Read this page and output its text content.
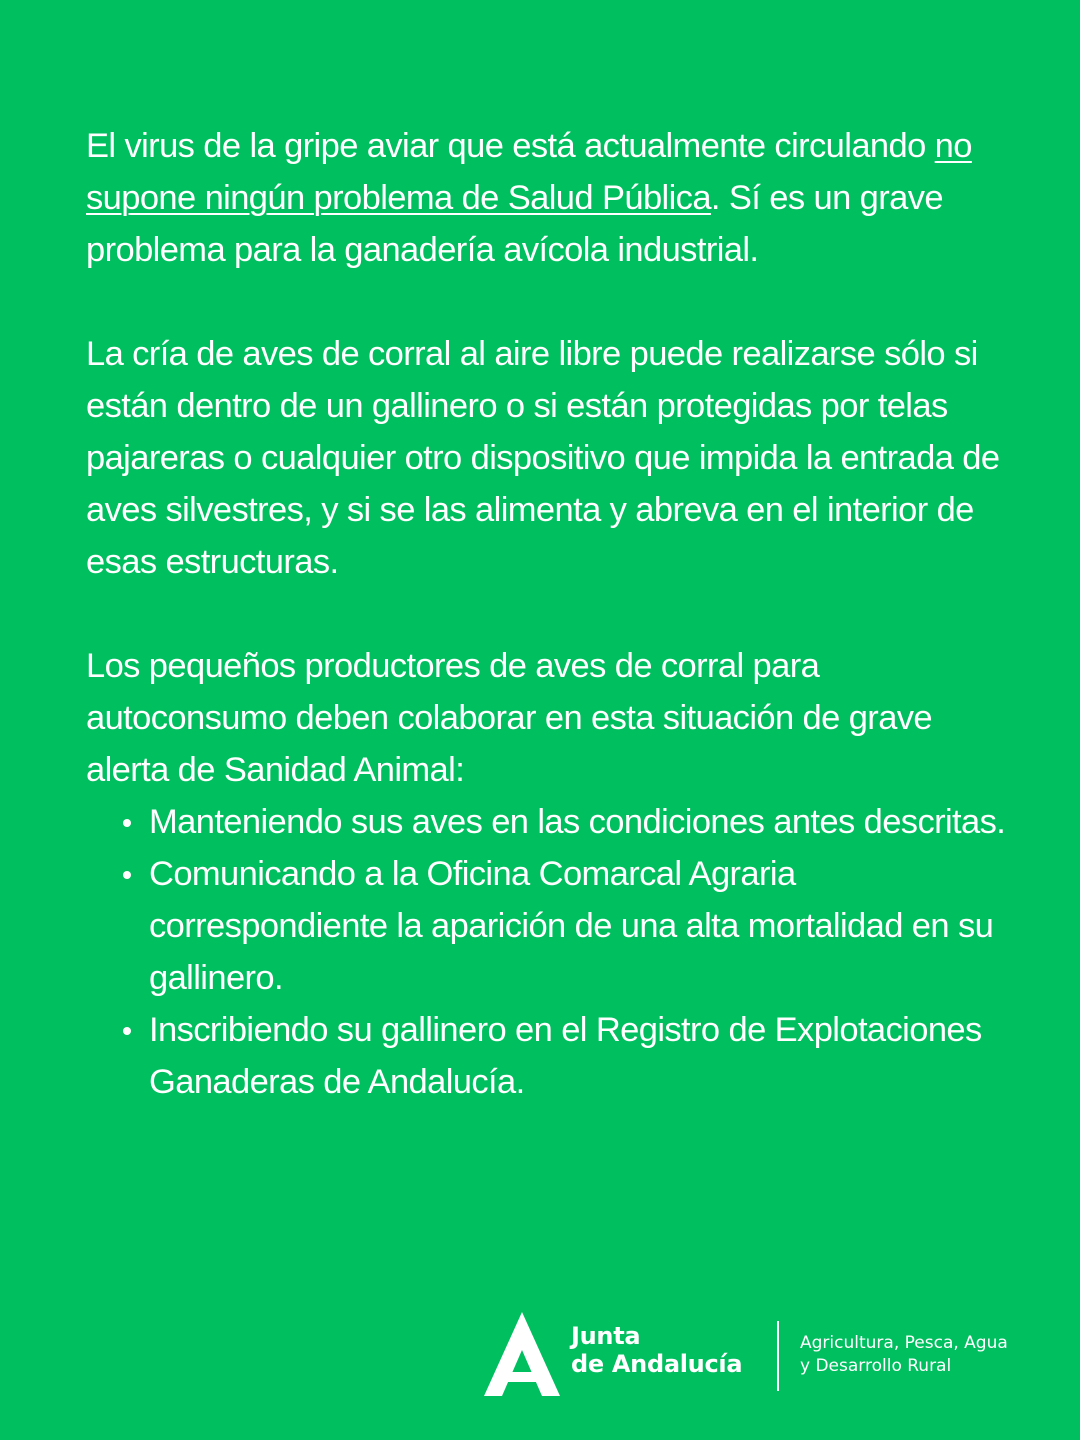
El virus de la gripe aviar que está actualmente circulando no supone ningún problema de Salud Pública. Sí es un grave problema para la ganadería avícola industrial.

La cría de aves de corral al aire libre puede realizarse sólo si están dentro de un gallinero o si están protegidas por telas pajareras o cualquier otro dispositivo que impida la entrada de aves silvestres, y si se las alimenta y abreva en el interior de esas estructuras.

Los pequeños productores de aves de corral para autoconsumo deben colaborar en esta situación de grave alerta de Sanidad Animal:

Manteniendo sus aves en las condiciones antes descritas.
Comunicando a la Oficina Comarcal Agraria correspondiente la aparición de una alta mortalidad en su gallinero.
Inscribiendo su gallinero en el Registro de Explotaciones Ganaderas de Andalucía.
Junta
de Andalucía
Agricultura, Pesca, Agua
y Desarrollo Rural
